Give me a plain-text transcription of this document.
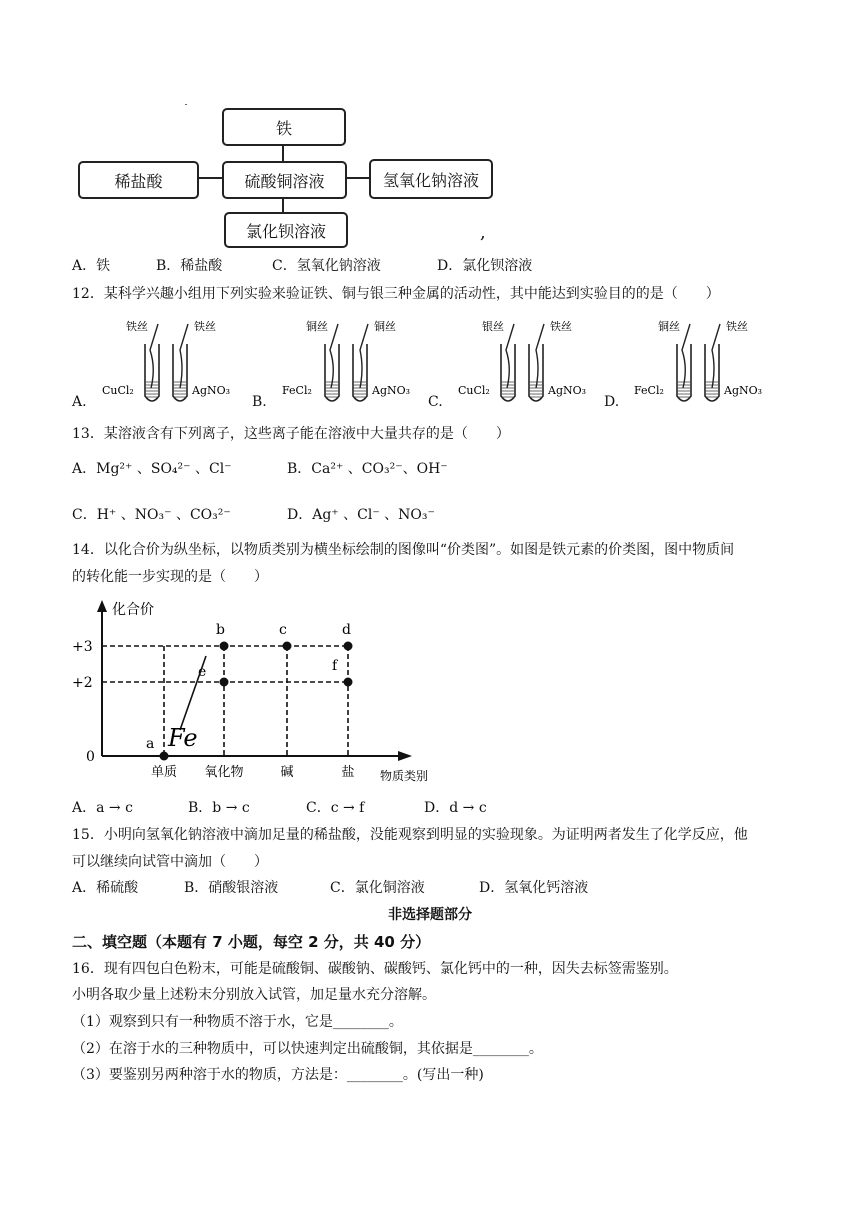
铁
稀盐酸	硫酸铜溶液	氢氧化钠溶液
氯化钡溶液	,
A．铁	B．稀盐酸	C．氢氧化钠溶液	D．氯化钡溶液
12．某科学兴趣小组用下列实验来验证铁、铜与银三种金属的活动性，其中能达到实验目的的是（　　）
A.
铁丝
CuCl₂
铁丝
AgNO₃
B.
铜丝
FeCl₂
铜丝
AgNO₃
C.
银丝
CuCl₂
铁丝
AgNO₃
D.
铜丝
FeCl₂
铁丝
AgNO₃
13．某溶液含有下列离子，这些离子能在溶液中大量共存的是（　　）
A．Mg²⁺ 、SO₄²⁻ 、Cl⁻	B．Ca²⁺ 、CO₃²⁻、OH⁻
C．H⁺ 、NO₃⁻ 、CO₃²⁻	D．Ag⁺ 、Cl⁻ 、NO₃⁻
14．以化合价为纵坐标，以物质类别为横坐标绘制的图像叫“价类图”。如图是铁元素的价类图，图中物质间
的转化能一步实现的是（　　）
化合价
物质类别
+3
+2
0
单质 氧化物	碱	盐
a
b	c	d
e	f
Fe
A．a → c	B．b → c	C．c → f	D．d → c
15．小明向氢氧化钠溶液中滴加足量的稀盐酸，没能观察到明显的实验现象。为证明两者发生了化学反应，他
可以继续向试管中滴加（　　）
A．稀硫酸	B．硝酸银溶液	C．氯化铜溶液	D．氢氧化钙溶液
非选择题部分
二、填空题（本题有 7 小题，每空 2 分，共 40 分）
16．现有四包白色粉末，可能是硫酸铜、碳酸钠、碳酸钙、氯化钙中的一种，因失去标签需鉴别。
小明各取少量上述粉末分别放入试管，加足量水充分溶解。
（1）观察到只有一种物质不溶于水，它是________。
（2）在溶于水的三种物质中，可以快速判定出硫酸铜，其依据是________。
（3）要鉴别另两种溶于水的物质，方法是：________。(写出一种)
